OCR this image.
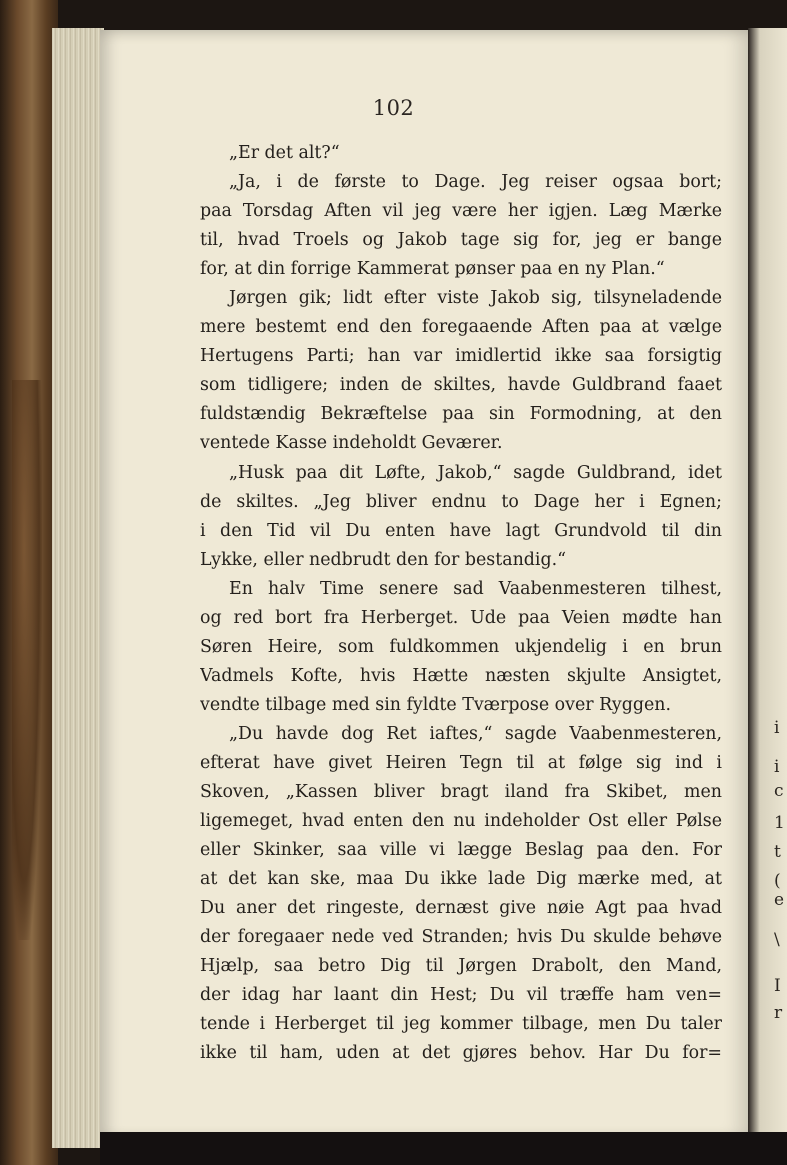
102
„Er det alt?“
„Ja, i de første to Dage. Jeg reiser ogsaa bort;
paa Torsdag Aften vil jeg være her igjen. Læg Mærke
til, hvad Troels og Jakob tage sig for, jeg er bange
for, at din forrige Kammerat pønser paa en ny Plan.“
Jørgen gik; lidt efter viste Jakob sig, tilsyneladende
mere bestemt end den foregaaende Aften paa at vælge
Hertugens Parti; han var imidlertid ikke saa forsigtig
som tidligere; inden de skiltes, havde Guldbrand faaet
fuldstændig Bekræftelse paa sin Formodning, at den
ventede Kasse indeholdt Geværer.
„Husk paa dit Løfte, Jakob,“ sagde Guldbrand, idet
de skiltes. „Jeg bliver endnu to Dage her i Egnen;
i den Tid vil Du enten have lagt Grundvold til din
Lykke, eller nedbrudt den for bestandig.“
En halv Time senere sad Vaabenmesteren tilhest,
og red bort fra Herberget. Ude paa Veien mødte han
Søren Heire, som fuldkommen ukjendelig i en brun
Vadmels Kofte, hvis Hætte næsten skjulte Ansigtet,
vendte tilbage med sin fyldte Tværpose over Ryggen.
„Du havde dog Ret iaftes,“ sagde Vaabenmesteren,
efterat have givet Heiren Tegn til at følge sig ind i
Skoven, „Kassen bliver bragt iland fra Skibet, men
ligemeget, hvad enten den nu indeholder Ost eller Pølse
eller Skinker, saa ville vi lægge Beslag paa den. For
at det kan ske, maa Du ikke lade Dig mærke med, at
Du aner det ringeste, dernæst give nøie Agt paa hvad
der foregaaer nede ved Stranden; hvis Du skulde behøve
Hjælp, saa betro Dig til Jørgen Drabolt, den Mand,
der idag har laant din Hest; Du vil træffe ham ven=
tende i Herberget til jeg kommer tilbage, men Du taler
ikke til ham, uden at det gjøres behov. Har Du for=
i
i
c
1
t
(
e
\
I
r
